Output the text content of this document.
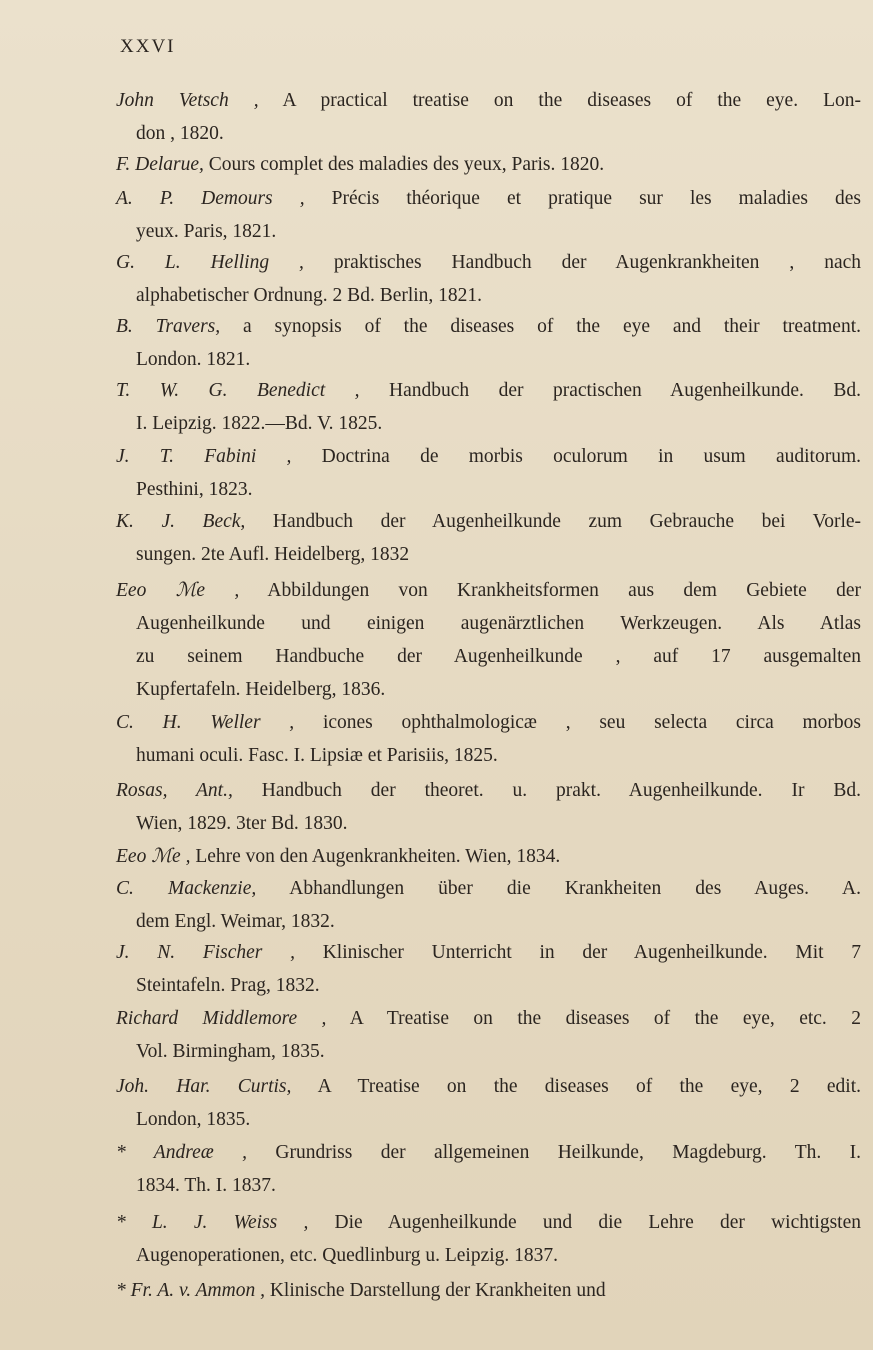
XXVI
John Vetsch , A practical treatise on the diseases of the eye. Lon-
don , 1820.
F. Delarue, Cours complet des maladies des yeux, Paris. 1820.
A. P. Demours , Précis théorique et pratique sur les maladies des
yeux. Paris, 1821.
G. L. Helling , praktisches Handbuch der Augenkrankheiten , nach
alphabetischer Ordnung. 2 Bd. Berlin, 1821.
B. Travers, a synopsis of the diseases of the eye and their treatment.
London. 1821.
T. W. G. Benedict , Handbuch der practischen Augenheilkunde. Bd.
I. Leipzig. 1822.—Bd. V. 1825.
J. T. Fabini , Doctrina de morbis oculorum in usum auditorum.
Pesthini, 1823.
K. J. Beck, Handbuch der Augenheilkunde zum Gebrauche bei Vorle-
sungen. 2te Aufl. Heidelberg, 1832
Eeo ℳe , Abbildungen von Krankheitsformen aus dem Gebiete der
Augenheilkunde und einigen augenärztlichen Werkzeugen. Als Atlas
zu seinem Handbuche der Augenheilkunde , auf 17 ausgemalten
Kupfertafeln. Heidelberg, 1836.
C. H. Weller , icones ophthalmologicæ , seu selecta circa morbos
humani oculi. Fasc. I. Lipsiæ et Parisiis, 1825.
Rosas, Ant., Handbuch der theoret. u. prakt. Augenheilkunde. Ir Bd.
Wien, 1829. 3ter Bd. 1830.
Eeo ℳe , Lehre von den Augenkrankheiten. Wien, 1834.
C. Mackenzie, Abhandlungen über die Krankheiten des Auges. A.
dem Engl. Weimar, 1832.
J. N. Fischer , Klinischer Unterricht in der Augenheilkunde. Mit 7
Steintafeln. Prag, 1832.
Richard Middlemore , A Treatise on the diseases of the eye, etc. 2
Vol. Birmingham, 1835.
Joh. Har. Curtis, A Treatise on the diseases of the eye, 2 edit.
London, 1835.
* Andreæ , Grundriss der allgemeinen Heilkunde, Magdeburg. Th. I.
1834. Th. I. 1837.
* L. J. Weiss , Die Augenheilkunde und die Lehre der wichtigsten
Augenoperationen, etc. Quedlinburg u. Leipzig. 1837.
* Fr. A. v. Ammon , Klinische Darstellung der Krankheiten und
